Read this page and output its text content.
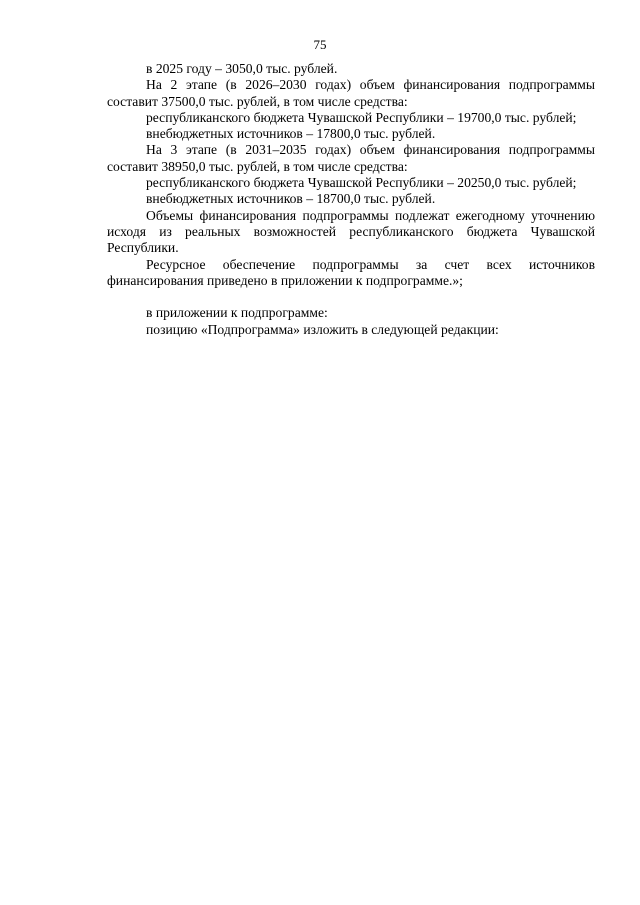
75

в 2025 году – 3050,0 тыс. рублей.

На 2 этапе (в 2026–2030 годах) объем финансирования подпрограммы составит 37500,0 тыс. рублей, в том числе средства:

республиканского бюджета Чувашской Республики – 19700,0 тыс. рублей;

внебюджетных источников – 17800,0 тыс. рублей.

На 3 этапе (в 2031–2035 годах) объем финансирования подпрограммы составит 38950,0 тыс. рублей, в том числе средства:

республиканского бюджета Чувашской Республики – 20250,0 тыс. рублей;

внебюджетных источников – 18700,0 тыс. рублей.

Объемы финансирования подпрограммы подлежат ежегодному уточнению исходя из реальных возможностей республиканского бюджета Чувашской Республики.

Ресурсное обеспечение подпрограммы за счет всех источников финансирования приведено в приложении к подпрограмме.»;

в приложении к подпрограмме:

позицию «Подпрограмма» изложить в следующей редакции:
